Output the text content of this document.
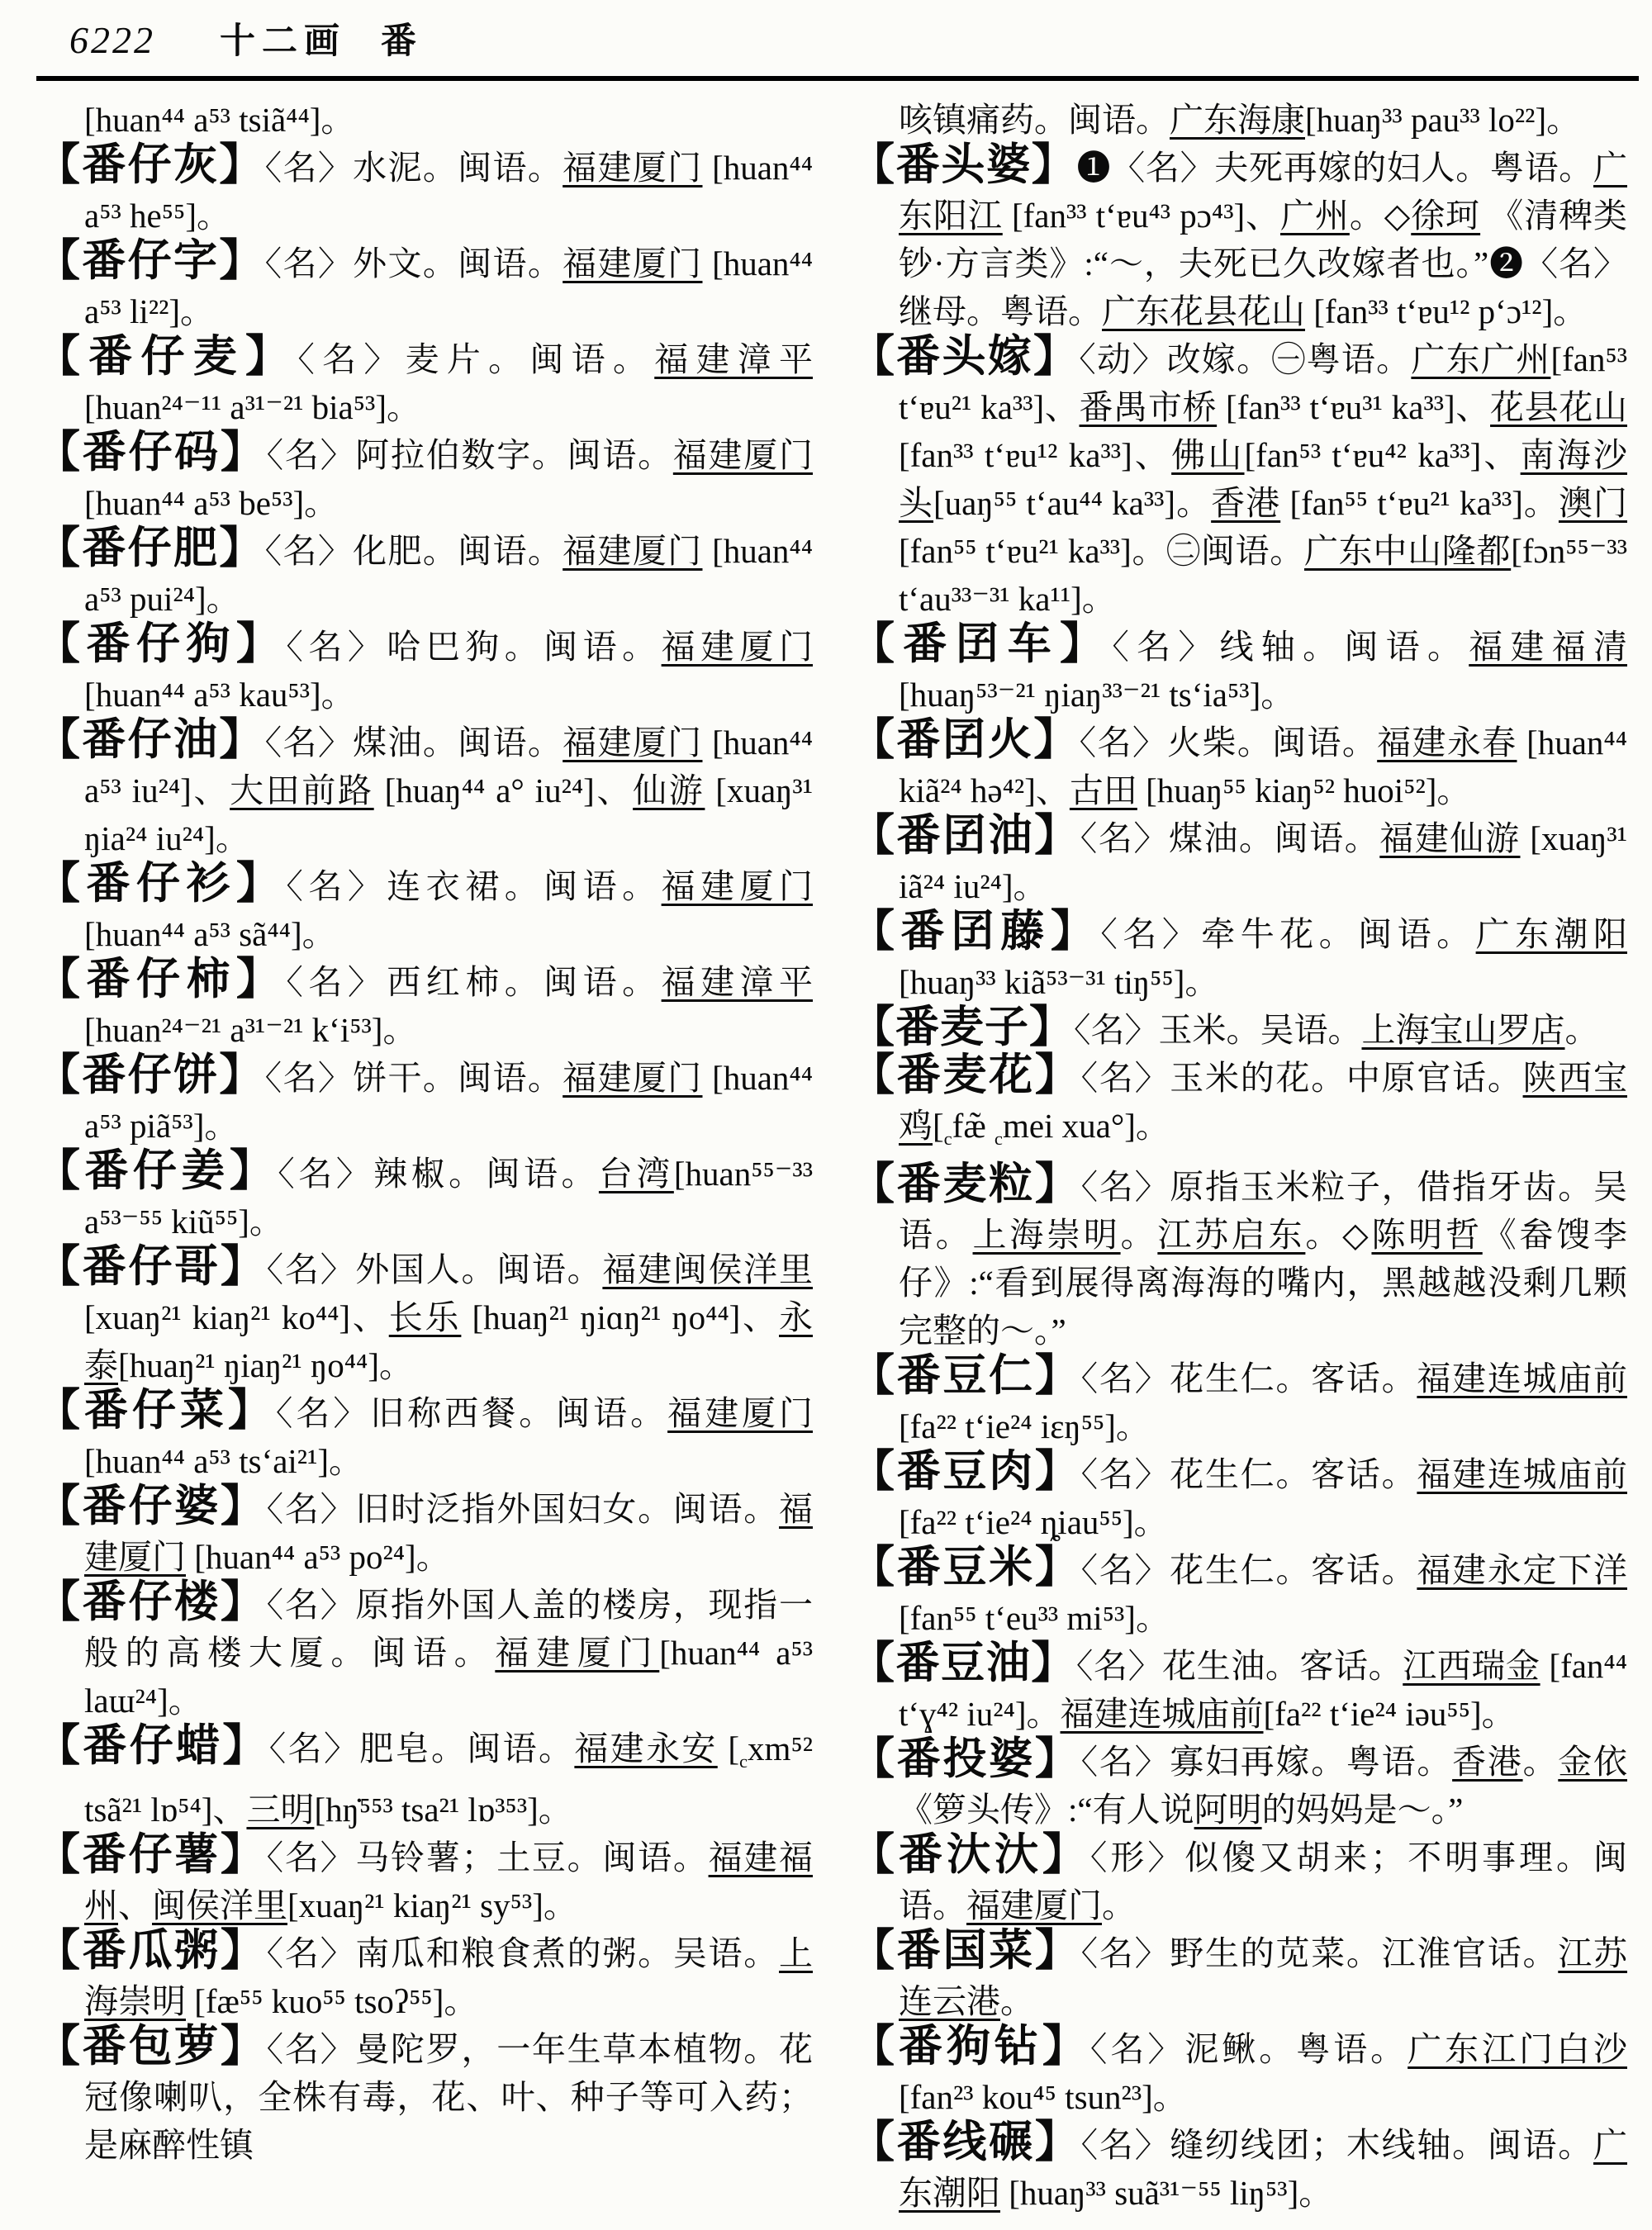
6222 十二画 番
[huan⁴⁴ a⁵³ tsiã⁴⁴]。
【番仔灰】〈名〉水泥。闽语。福建厦门 [huan⁴⁴ a⁵³ he⁵⁵]。
【番仔字】〈名〉外文。闽语。福建厦门 [huan⁴⁴ a⁵³ li²²]。
【番仔麦】〈名〉麦片。闽语。福建漳平 [huan²⁴⁻¹¹ a³¹⁻²¹ bia⁵³]。
【番仔码】〈名〉阿拉伯数字。闽语。福建厦门 [huan⁴⁴ a⁵³ be⁵³]。
【番仔肥】〈名〉化肥。闽语。福建厦门 [huan⁴⁴ a⁵³ pui²⁴]。
【番仔狗】〈名〉哈巴狗。闽语。福建厦门 [huan⁴⁴ a⁵³ kau⁵³]。
【番仔油】〈名〉煤油。闽语。福建厦门 [huan⁴⁴ a⁵³ iu²⁴]、大田前路 [huaŋ⁴⁴ a° iu²⁴]、仙游 [xuaŋ³¹ ŋia²⁴ iu²⁴]。
【番仔衫】〈名〉连衣裙。闽语。福建厦门 [huan⁴⁴ a⁵³ sã⁴⁴]。
【番仔柿】〈名〉西红柿。闽语。福建漳平[huan²⁴⁻²¹ a³¹⁻²¹ k‘i⁵³]。
【番仔饼】〈名〉饼干。闽语。福建厦门 [huan⁴⁴ a⁵³ piã⁵³]。
【番仔姜】〈名〉辣椒。闽语。台湾[huan⁵⁵⁻³³ a⁵³⁻⁵⁵ kiũ⁵⁵]。
【番仔哥】〈名〉外国人。闽语。福建闽侯洋里 [xuaŋ²¹ kiaŋ²¹ ko⁴⁴]、长乐 [huaŋ²¹ ŋiɑŋ²¹ ŋo⁴⁴]、永泰[huaŋ²¹ ŋiaŋ²¹ ŋo⁴⁴]。
【番仔菜】〈名〉旧称西餐。闽语。福建厦门 [huan⁴⁴ a⁵³ ts‘ai²¹]。
【番仔婆】〈名〉旧时泛指外国妇女。闽语。福建厦门 [huan⁴⁴ a⁵³ po²⁴]。
【番仔楼】〈名〉原指外国人盖的楼房，现指一般的高楼大厦。闽语。福建厦门[huan⁴⁴ a⁵³ laɯ²⁴]。
【番仔蜡】〈名〉肥皂。闽语。福建永安 [$_cxm^{52}$ tsã²¹ lɒ⁵⁴]、三明[hŋ̇⁵⁵³ tsa²¹ lɒ³⁵³]。
【番仔薯】〈名〉马铃薯；土豆。闽语。福建福州、闽侯洋里[xuaŋ²¹ kiaŋ²¹ sy⁵³]。
【番瓜粥】〈名〉南瓜和粮食煮的粥。吴语。上海崇明 [fæ⁵⁵ kuo⁵⁵ tsoʔ⁵⁵]。
【番包萝】〈名〉曼陀罗，一年生草本植物。花冠像喇叭，全株有毒，花、叶、种子等可入药；是麻醉性镇
咳镇痛药。闽语。广东海康[huaŋ³³ pau³³ lo²²]。
【番头婆】❶〈名〉夫死再嫁的妇人。粤语。广东阳江 [fan³³ t‘ɐu⁴³ pɔ⁴³]、广州。◇徐珂 《清稗类钞·方言类》:“～，夫死已久改嫁者也。”❷〈名〉继母。粤语。广东花县花山 [fan³³ t‘ɐu¹² p‘ɔ¹²]。
【番头嫁】〈动〉改嫁。㊀粤语。广东广州[fan⁵³ t‘ɐu²¹ ka³³]、番禺市桥 [fan³³ t‘ɐu³¹ ka³³]、花县花山 [fan³³ t‘ɐu¹² ka³³]、佛山[fan⁵³ t‘ɐu⁴² ka³³]、南海沙头[uaŋ⁵⁵ t‘au⁴⁴ ka³³]。香港 [fan⁵⁵ t‘ɐu²¹ ka³³]。澳门 [fan⁵⁵ t‘ɐu²¹ ka³³]。㊁闽语。广东中山隆都[fɔn⁵⁵⁻³³ t‘au³³⁻³¹ ka¹¹]。
【番囝车】〈名〉线轴。闽语。福建福清 [huaŋ⁵³⁻²¹ ŋiaŋ³³⁻²¹ ts‘ia⁵³]。
【番囝火】〈名〉火柴。闽语。福建永春 [huan⁴⁴ kiã²⁴ hə⁴²]、古田 [huaŋ⁵⁵ kiaŋ⁵² huoi⁵²]。
【番囝油】〈名〉煤油。闽语。福建仙游 [xuaŋ³¹ iã²⁴ iu²⁴]。
【番囝藤】〈名〉牵牛花。闽语。广东潮阳 [huaŋ³³ kiã⁵³⁻³¹ tiŋ⁵⁵]。
【番麦子】〈名〉玉米。吴语。上海宝山罗店。
【番麦花】〈名〉玉米的花。中原官话。陕西宝鸡[$_cfæ̃$ $_c$mei xua°]。
【番麦粒】〈名〉原指玉米粒子，借指牙齿。吴语。上海崇明。江苏启东。◇陈明哲《畚馊李仔》:“看到展得离海海的嘴内，黑越越没剩几颗完整的～。”
【番豆仁】〈名〉花生仁。客话。福建连城庙前 [fa²² t‘ie²⁴ iɛŋ⁵⁵]。
【番豆肉】〈名〉花生仁。客话。福建连城庙前 [fa²² t‘ie²⁴ ȵiau⁵⁵]。
【番豆米】〈名〉花生仁。客话。福建永定下洋[fan⁵⁵ t‘eu³³ mi⁵³]。
【番豆油】〈名〉花生油。客话。江西瑞金 [fan⁴⁴ t‘ɣ⁴² iu²⁴]。福建连城庙前[fa²² t‘ie²⁴ iəu⁵⁵]。
【番投婆】〈名〉寡妇再嫁。粤语。香港。金依 《箩头传》:“有人说阿明的妈妈是～。”
【番汏汏】〈形〉似傻又胡来；不明事理。闽语。福建厦门。
【番国菜】〈名〉野生的苋菜。江淮官话。江苏连云港。
【番狗钻】〈名〉泥鳅。粤语。广东江门白沙[fan²³ kou⁴⁵ tsun²³]。
【番线碾】〈名〉缝纫线团；木线轴。闽语。广东潮阳 [huaŋ³³ suã³¹⁻⁵⁵ liŋ⁵³]。
